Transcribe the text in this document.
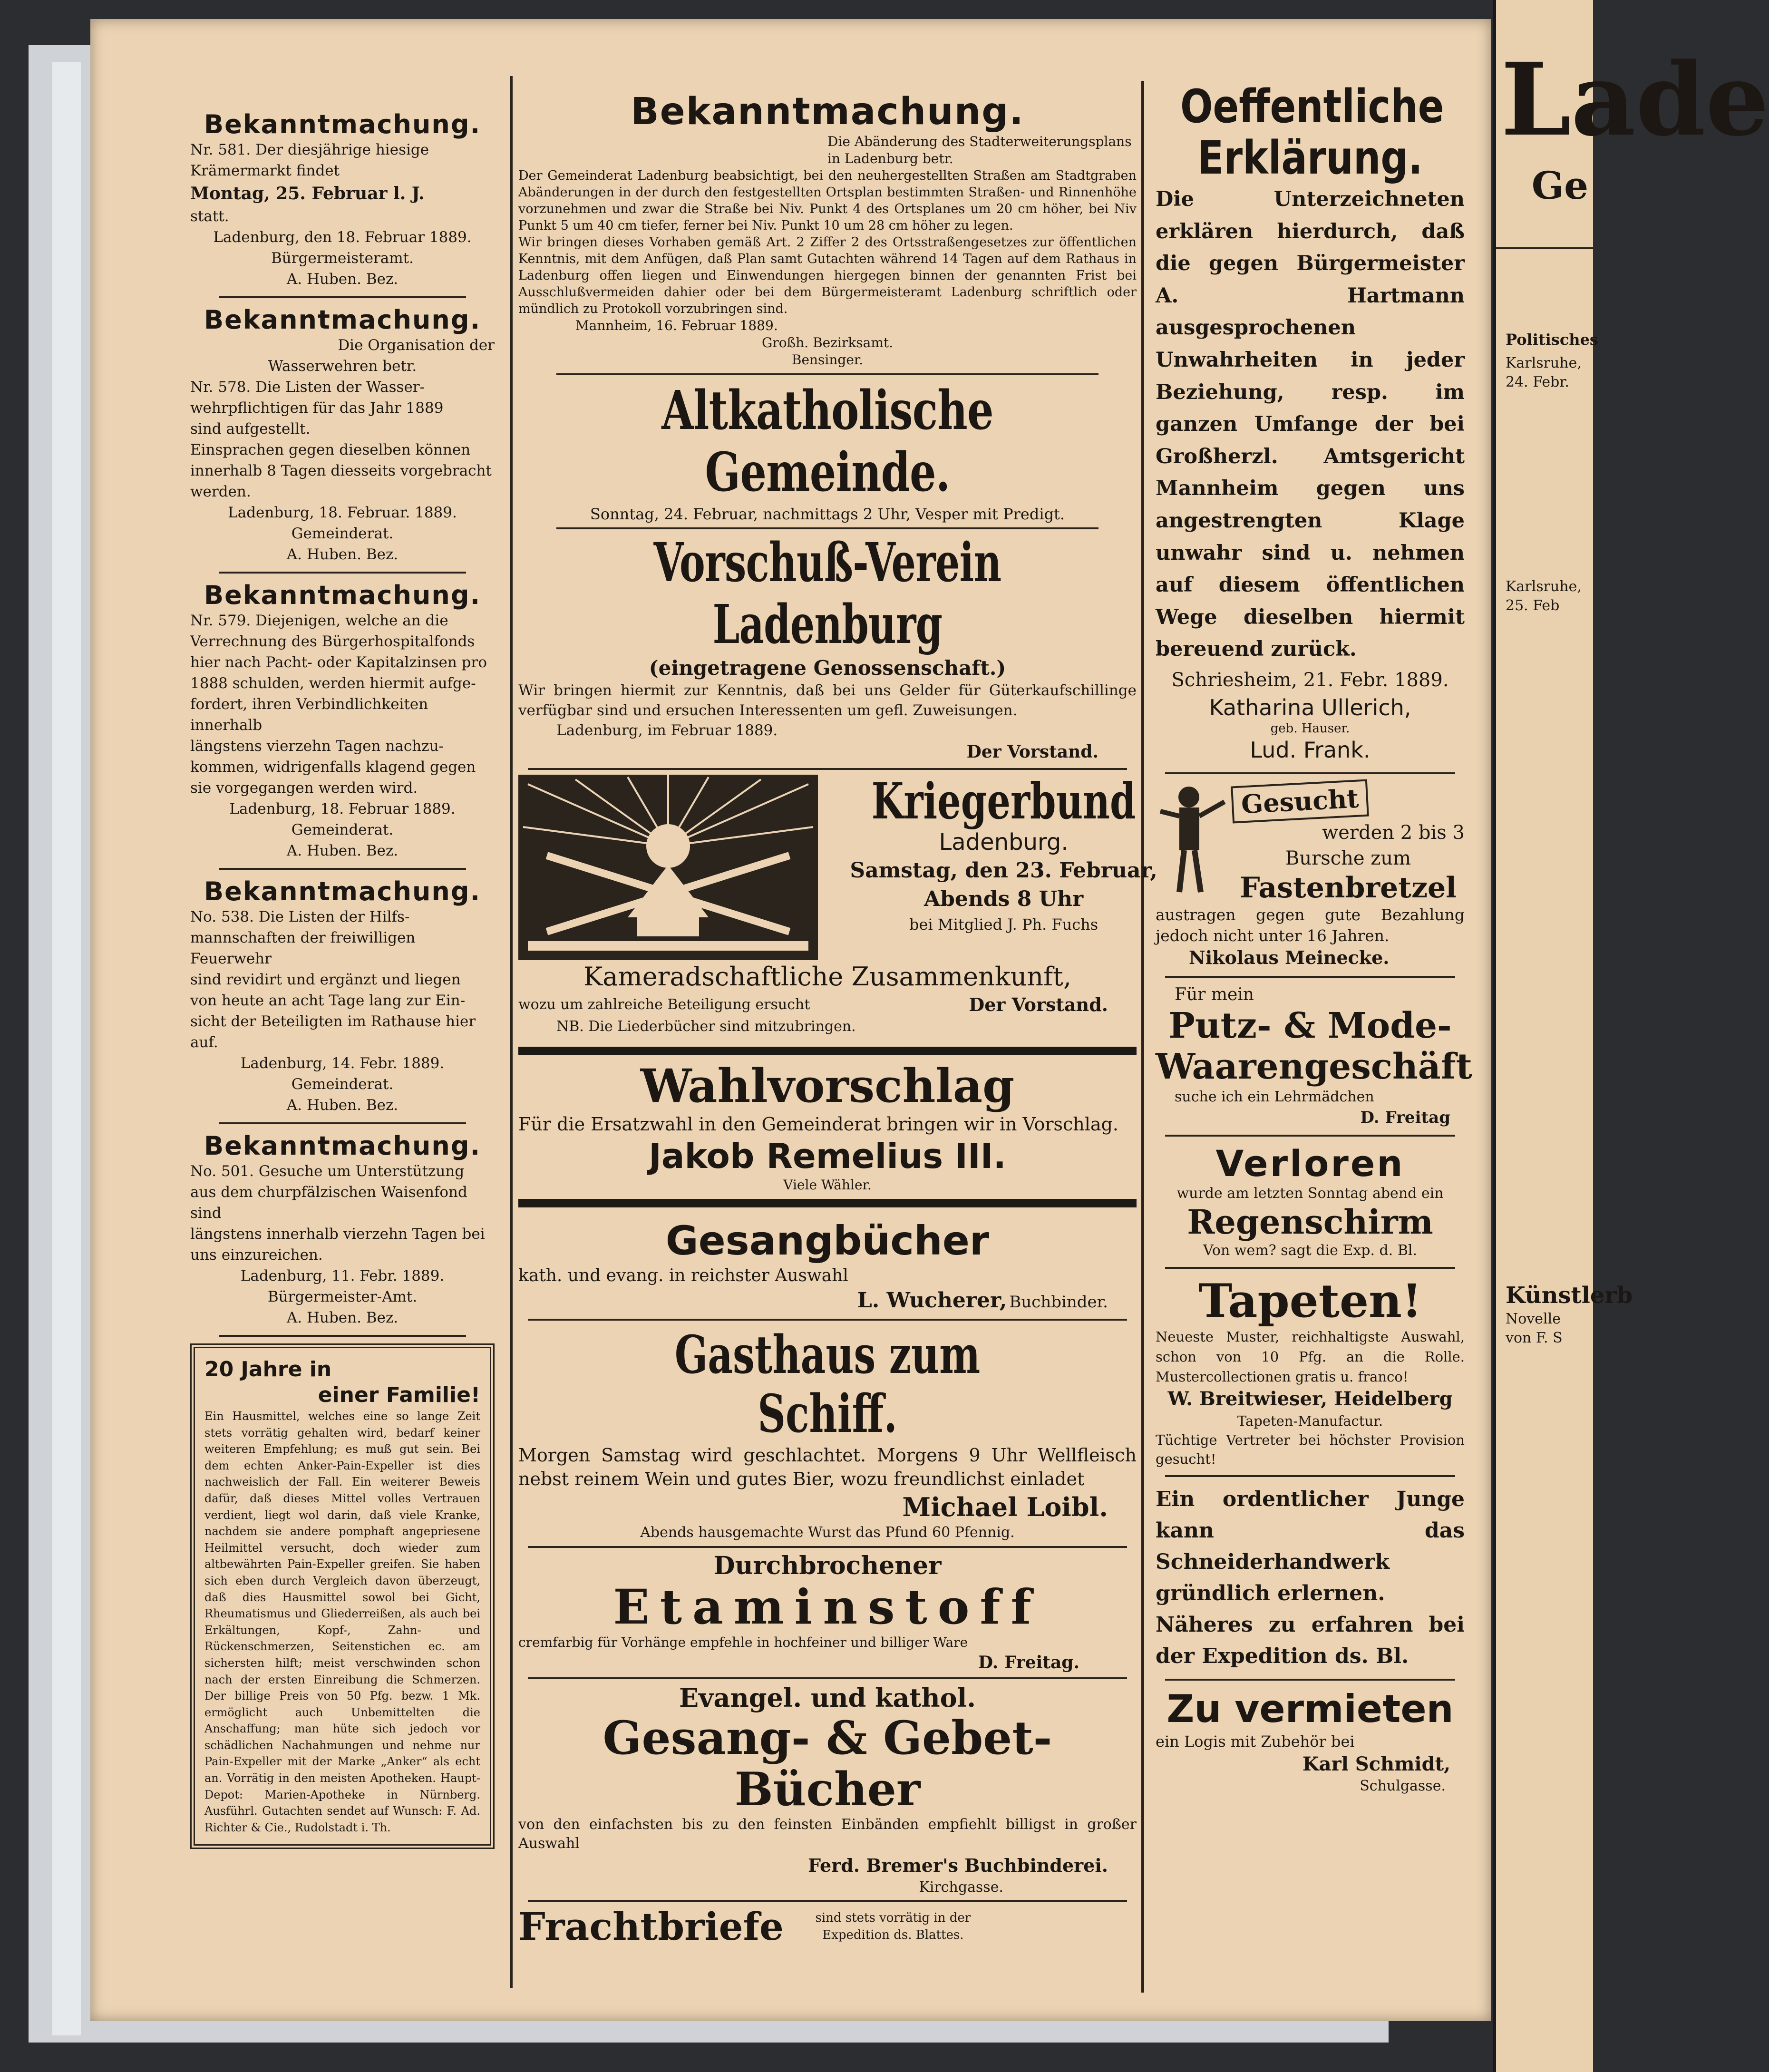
Bekanntmachung.
Nr. 581. Der diesjährige hiesige
Krämermarkt findet
Montag, 25. Februar l. J.
statt.
Ladenburg, den 18. Februar 1889.
Bürgermeisteramt.
A. Huben. Bez.
Bekanntmachung.
Die Organisation der
Wasserwehren betr.
Nr. 578. Die Listen der Wasser-
wehrpflichtigen für das Jahr 1889
sind aufgestellt.
Einsprachen gegen dieselben können
innerhalb 8 Tagen diesseits vorgebracht
werden.
Ladenburg, 18. Februar. 1889.
Gemeinderat.
A. Huben. Bez.
Bekanntmachung.
Nr. 579. Diejenigen, welche an die
Verrechnung des Bürgerhospitalfonds
hier nach Pacht- oder Kapitalzinsen pro
1888 schulden, werden hiermit aufge-
fordert, ihren Verbindlichkeiten innerhalb
längstens vierzehn Tagen nachzu-
kommen, widrigenfalls klagend gegen
sie vorgegangen werden wird.
Ladenburg, 18. Februar 1889.
Gemeinderat.
A. Huben. Bez.
Bekanntmachung.
No. 538. Die Listen der Hilfs-
mannschaften der freiwilligen Feuerwehr
sind revidirt und ergänzt und liegen
von heute an acht Tage lang zur Ein-
sicht der Beteiligten im Rathause hier
auf.
Ladenburg, 14. Febr. 1889.
Gemeinderat.
A. Huben. Bez.
Bekanntmachung.
No. 501. Gesuche um Unterstützung
aus dem churpfälzischen Waisenfond sind
längstens innerhalb vierzehn Tagen bei
uns einzureichen.
Ladenburg, 11. Febr. 1889.
Bürgermeister-Amt.
A. Huben. Bez.
20 Jahre in
einer Familie!
Ein Hausmittel, welches eine so lange Zeit stets vorrätig gehalten wird, bedarf keiner weiteren Empfehlung; es muß gut sein. Bei dem echten Anker-Pain-Expeller ist dies nachweislich der Fall. Ein weiterer Beweis dafür, daß dieses Mittel volles Vertrauen verdient, liegt wol darin, daß viele Kranke, nachdem sie andere pomphaft angepriesene Heilmittel versucht, doch wieder zum altbewährten Pain-Expeller greifen. Sie haben sich eben durch Vergleich davon überzeugt, daß dies Hausmittel sowol bei Gicht, Rheumatismus und Gliederreißen, als auch bei Erkältungen, Kopf-, Zahn- und Rückenschmerzen, Seitenstichen ec. am sichersten hilft; meist verschwinden schon nach der ersten Einreibung die Schmerzen. Der billige Preis von 50 Pfg. bezw. 1 Mk. ermöglicht auch Unbemittelten die Anschaffung; man hüte sich jedoch vor schädlichen Nachahmungen und nehme nur Pain-Expeller mit der Marke „Anker“ als echt an. Vorrätig in den meisten Apotheken. Haupt-Depot: Marien-Apotheke in Nürnberg. Ausführl. Gutachten sendet auf Wunsch: F. Ad. Richter & Cie., Rudolstadt i. Th.
Bekanntmachung.
Die Abänderung des Stadterweiterungsplans in Ladenburg betr.
Der Gemeinderat Ladenburg beabsichtigt, bei den neuhergestellten Straßen am Stadtgraben Abänderungen in der durch den festgestellten Ortsplan bestimmten Straßen- und Rinnenhöhe vorzunehmen und zwar die Straße bei Niv. Punkt 4 des Ortsplanes um 20 cm höher, bei Niv Punkt 5 um 40 cm tiefer, ferner bei Niv. Punkt 10 um 28 cm höher zu legen.
Wir bringen dieses Vorhaben gemäß Art. 2 Ziffer 2 des Ortsstraßengesetzes zur öffentlichen Kenntnis, mit dem Anfügen, daß Plan samt Gutachten während 14 Tagen auf dem Rathaus in Ladenburg offen liegen und Einwendungen hiergegen binnen der genannten Frist bei Ausschlußvermeiden dahier oder bei dem Bürgermeisteramt Ladenburg schriftlich oder mündlich zu Protokoll vorzubringen sind.
Mannheim, 16. Februar 1889.
Großh. Bezirksamt.
Bensinger.
Altkatholische Gemeinde.
Sonntag, 24. Februar, nachmittags 2 Uhr, Vesper mit Predigt.
Vorschuß-Verein Ladenburg
(eingetragene Genossenschaft.)
Wir bringen hiermit zur Kenntnis, daß bei uns Gelder für Güterkaufschillinge verfügbar sind und ersuchen Interessenten um gefl. Zuweisungen.
Ladenburg, im Februar 1889.
Der Vorstand.
Kriegerbund
Ladenburg.
Samstag, den 23. Februar,
Abends 8 Uhr
bei Mitglied J. Ph. Fuchs
Kameradschaftliche Zusammenkunft,
wozu um zahlreiche Beteiligung ersucht	Der Vorstand.
NB. Die Liederbücher sind mitzubringen.
Wahlvorschlag
Für die Ersatzwahl in den Gemeinderat bringen wir in Vorschlag.
Jakob Remelius III.
Viele Wähler.
Gesangbücher
kath. und evang. in reichster Auswahl
L. Wucherer, Buchbinder.
Gasthaus zum Schiff.
Morgen Samstag wird geschlachtet. Morgens 9 Uhr Wellfleisch nebst reinem Wein und gutes Bier, wozu freundlichst einladet
Michael Loibl.
Abends hausgemachte Wurst das Pfund 60 Pfennig.
Durchbrochener
Etaminstoff
cremfarbig für Vorhänge empfehle in hochfeiner und billiger Ware
D. Freitag.
Evangel. und kathol.
Gesang- & Gebet-Bücher
von den einfachsten bis zu den feinsten Einbänden empfiehlt billigst in großer Auswahl
Ferd. Bremer's Buchbinderei.
Kirchgasse.
Frachtbriefe	sind stets vorrätig in der Expedition ds. Blattes.
Oeffentliche
Erklärung.
Die Unterzeichneten erklären hierdurch, daß die gegen Bürgermeister A. Hartmann ausgesprochenen Unwahrheiten in jeder Beziehung, resp. im ganzen Umfange der bei Großherzl. Amtsgericht Mannheim gegen uns angestrengten Klage unwahr sind u. nehmen auf diesem öffentlichen Wege dieselben hiermit bereuend zurück.
Schriesheim, 21. Febr. 1889.
Katharina Ullerich,
geb. Hauser.
Lud. Frank.
Gesucht
werden 2 bis 3
Bursche zum
Fastenbretzel
austragen gegen gute Bezahlung jedoch nicht unter 16 Jahren.
Nikolaus Meinecke.
Für mein
Putz- & Mode-Waarengeschäft
suche ich ein Lehrmädchen
D. Freitag
Verloren
wurde am letzten Sonntag abend ein
Regenschirm
Von wem? sagt die Exp. d. Bl.
Tapeten!
Neueste Muster, reichhaltigste Auswahl, schon von 10 Pfg. an die Rolle. Mustercollectionen gratis u. franco!
W. Breitwieser, Heidelberg
Tapeten-Manufactur.
Tüchtige Vertreter bei höchster Provision gesucht!
Ein ordentlicher Junge kann das Schneiderhandwerk gründlich erlernen.
Näheres zu erfahren bei der Expedition ds. Bl.
Zu vermieten
ein Logis mit Zubehör bei
Karl Schmidt,
Schulgasse.
Lade
Ge
Politisches
Karlsruhe, 24. Febr.
Karlsruhe, 25. Feb
Künstlerb
Novelle von F. S
